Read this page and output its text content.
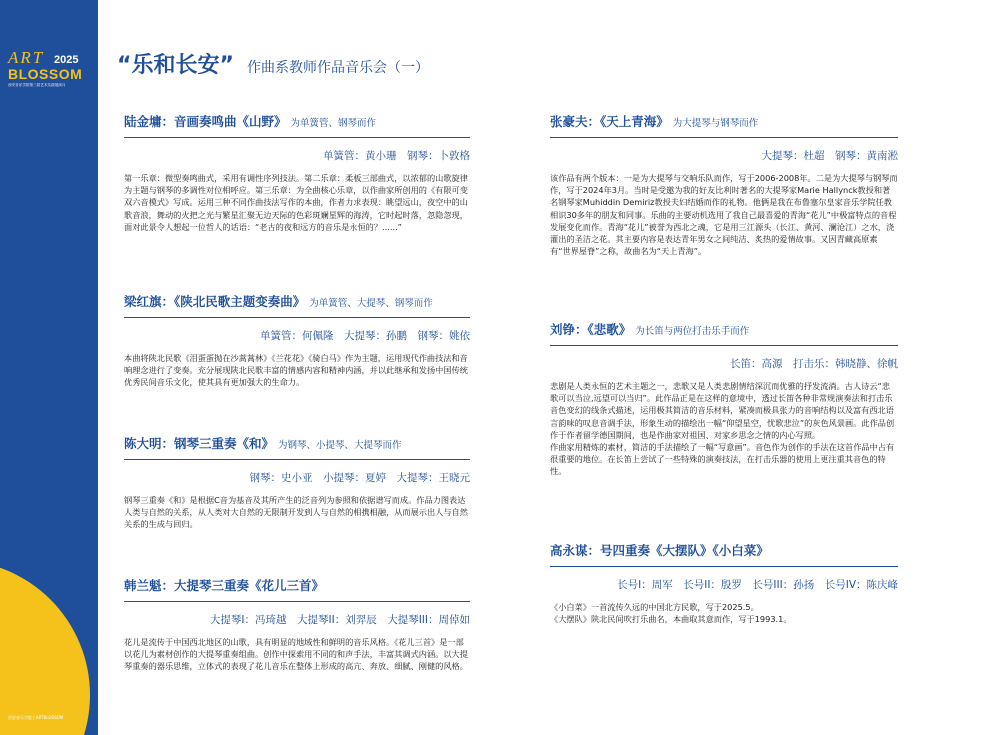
ART 2025
BLOSSOM
西安音乐学院第三届艺术实践展演月
西安音乐学院 | ARTBLOSSOM
“乐和长安” 作曲系教师作品音乐会（一）
陆金墉：音画奏鸣曲《山野》 为单簧管、钢琴而作
单簧管：黄小珊　钢琴：卜敦格

第一乐章：微型奏鸣曲式，采用有调性序列技法。第二乐章：柔板三部曲式，以浓郁的山歌旋律为主题与钢琴的多调性对位相呼应。第三乐章：为全曲核心乐章，以作曲家所创用的《有限可变双六音模式》写成。运用三种不同作曲技法写作的本曲，作者力求表现：眺望远山，夜空中的山歌音浪，舞动的火把之光与繁星汇聚无边天际的色彩斑斓星辉的海涛，它时起时落，忽隐忽现，面对此景令人想起一位哲人的话语：“老古的夜和远方的音乐是永恒的？......”

梁红旗：《陕北民歌主题变奏曲》 为单簧管、大提琴、钢琴而作
单簧管：何佩隆　大提琴：孙鹏　钢琴：姚依

本曲将陕北民歌《泪蛋蛋抛在沙蒿蒿林》《兰花花》《骑白马》作为主题，运用现代作曲技法和音响理念进行了变奏。充分展现陕北民歌丰富的情感内容和精神内涵，并以此继承和发扬中国传统优秀民间音乐文化，使其具有更加强大的生命力。

陈大明：钢琴三重奏《和》 为钢琴、小提琴、大提琴而作
钢琴：史小亚　小提琴：夏婷　大提琴：王晓元

钢琴三重奏《和》是根据C音为基音及其所产生的泛音列为参照和依据谱写而成。作品力图表达人类与自然的关系，从人类对大自然的无限制开发到人与自然的相携相融，从而展示出人与自然关系的生成与回归。

韩兰魁：大提琴三重奏《花儿三首》
大提琴I：冯琦越　大提琴II：刘羿辰　大提琴III：周倬如

花儿是流传于中国西北地区的山歌，具有明显的地域性和鲜明的音乐风格。《花儿三首》是一部以花儿为素材创作的大提琴重奏组曲。创作中探索用不同的和声手法，丰富其调式内涵。以大提琴重奏的器乐思维，立体式的表现了花儿音乐在整体上形成的高亢、奔放、细腻、刚健的风格。

张豪夫：《天上青海》 为大提琴与钢琴而作
大提琴：杜超　钢琴：黄南淞

该作品有两个版本：一是为大提琴与交响乐队而作，写于2006-2008年。二是为大提琴与钢琴而作，写于2024年3月。当时是受邀为我的好友比利时著名的大提琴家Marie Hallynck教授和著名钢琴家Muhiddin Demiriz教授夫妇结婚而作的礼物。他俩是我在布鲁塞尔皇家音乐学院任教相识30多年的朋友和同事。乐曲的主要动机选用了我自己最喜爱的青海“花儿”中极富特点的音程发展变化而作。青海“花儿”被誉为西北之魂，它是用三江源头（长江、黄河、澜沧江）之水，浇灌出的圣洁之花。其主要内容是表达青年男女之间纯洁、炙热的爱情故事。又因青藏高原素有“世界屋脊”之称，故曲名为“天上青海”。

刘铮：《悲歌》 为长笛与两位打击乐手而作
长笛：高源　打击乐：韩晓静、徐帆

悲剧是人类永恒的艺术主题之一，悲歌又是人类悲剧情结深沉而优雅的抒发流淌。古人诗云“悲歌可以当泣,远望可以当归”。此作品正是在这样的意境中，透过长笛各种非常规演奏法和打击乐音色变幻的线条式描述，运用极其简洁的音乐材料，紧凑而极具张力的音响结构以及富有西北语言韵味的叹息音调手法，形象生动的描绘出一幅“仰望星空，忧歌悲泣”的灰色风景画。此作品创作于作者留学德国期间，也是作曲家对祖国、对家乡思念之情的内心写照。

作曲家用精炼的素材，简洁的手法描绘了一幅“写意画”。音色作为创作的手法在这首作品中占有很重要的地位。在长笛上尝试了一些特殊的演奏技法，在打击乐器的使用上更注重其音色的特性。

高永谋：号四重奏《大摆队》《小白菜》
长号I：周军　长号II：殷罗　长号III：孙扬　长号IV：陈庆峰

《小白菜》一首流传久远的中国北方民歌，写于2025.5。

《大摆队》陕北民间吹打乐曲名，本曲取其意而作，写于1993.1。
